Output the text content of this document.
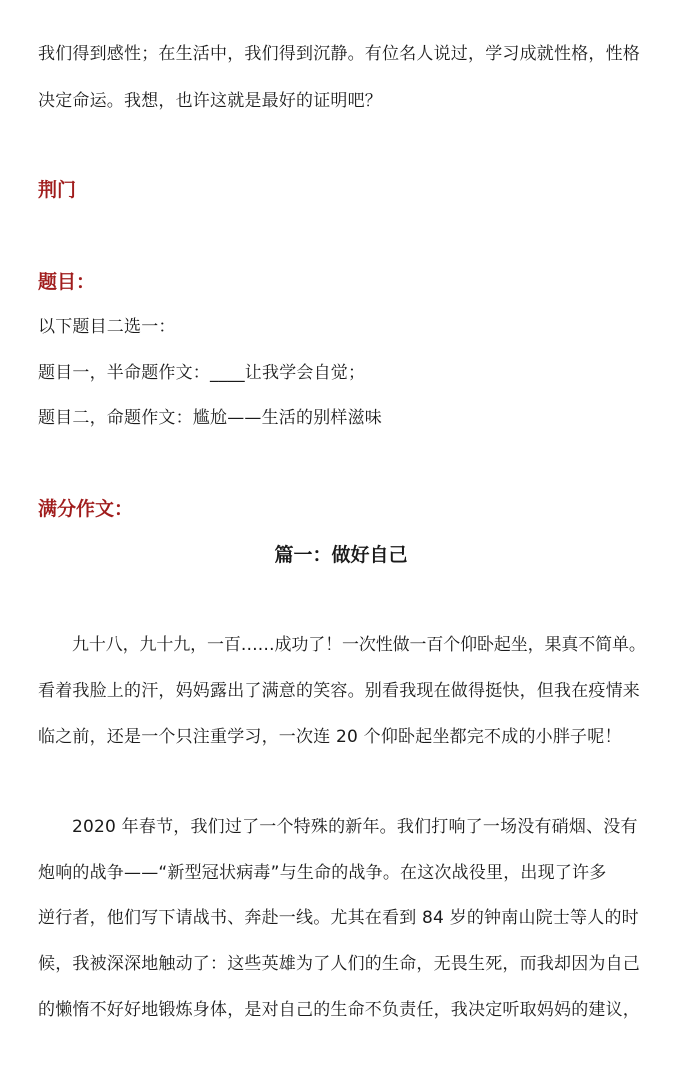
我们得到感性；在生活中，我们得到沉静。有位名人说过，学习成就性格，性格
决定命运。我想，也许这就是最好的证明吧？
荆门
题目：
以下题目二选一：
题目一，半命题作文：____让我学会自觉；
题目二，命题作文：尴尬——生活的别样滋味
满分作文：
篇一：做好自己
九十八，九十九，一百……成功了！一次性做一百个仰卧起坐，果真不简单。
看着我脸上的汗，妈妈露出了满意的笑容。别看我现在做得挺快，但我在疫情来
临之前，还是一个只注重学习，一次连 20 个仰卧起坐都完不成的小胖子呢！
2020 年春节，我们过了一个特殊的新年。我们打响了一场没有硝烟、没有
炮响的战争——“新型冠状病毒”与生命的战争。在这次战役里，出现了许多
逆行者，他们写下请战书、奔赴一线。尤其在看到 84 岁的钟南山院士等人的时
候，我被深深地触动了：这些英雄为了人们的生命，无畏生死，而我却因为自己
的懒惰不好好地锻炼身体，是对自己的生命不负责任，我决定听取妈妈的建议，
